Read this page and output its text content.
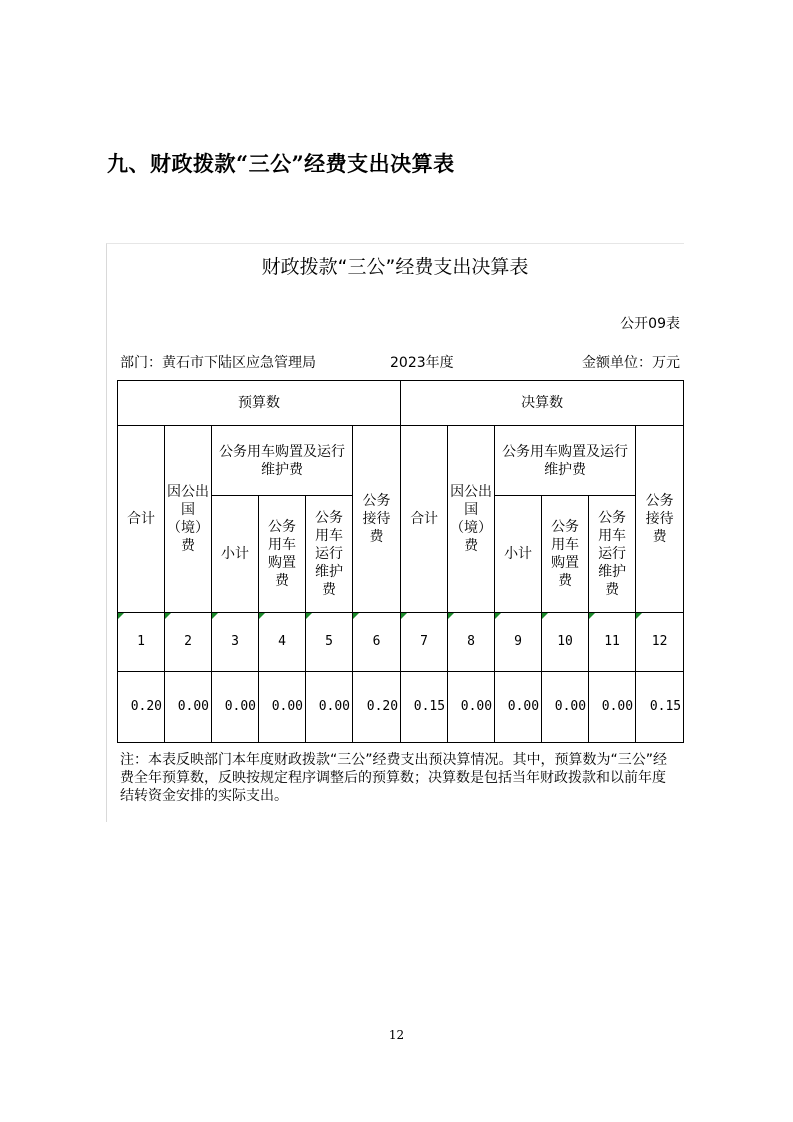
九、财政拨款“三公”经费支出决算表
财政拨款“三公”经费支出决算表
公开09表
部门：黄石市下陆区应急管理局	2023年度	金额单位：万元
预算数						决算数					
合计	因公出国（境）费	公务用车购置及运行维护费			公务接待费	合计	因公出国（境）费	公务用车购置及运行维护费			公务接待费
		小计	公务用车购置费	公务用车运行维护费				小计	公务用车购置费	公务用车运行维护费	
1	2	3	4	5	6	7	8	9	10	11	12
0.20	0.00	0.00	0.00	0.00	0.20	0.15	0.00	0.00	0.00	0.00	0.15
注：本表反映部门本年度财政拨款“三公”经费支出预决算情况。其中，预算数为“三公”经费全年预算数，反映按规定程序调整后的预算数；决算数是包括当年财政拨款和以前年度结转资金安排的实际支出。
12
